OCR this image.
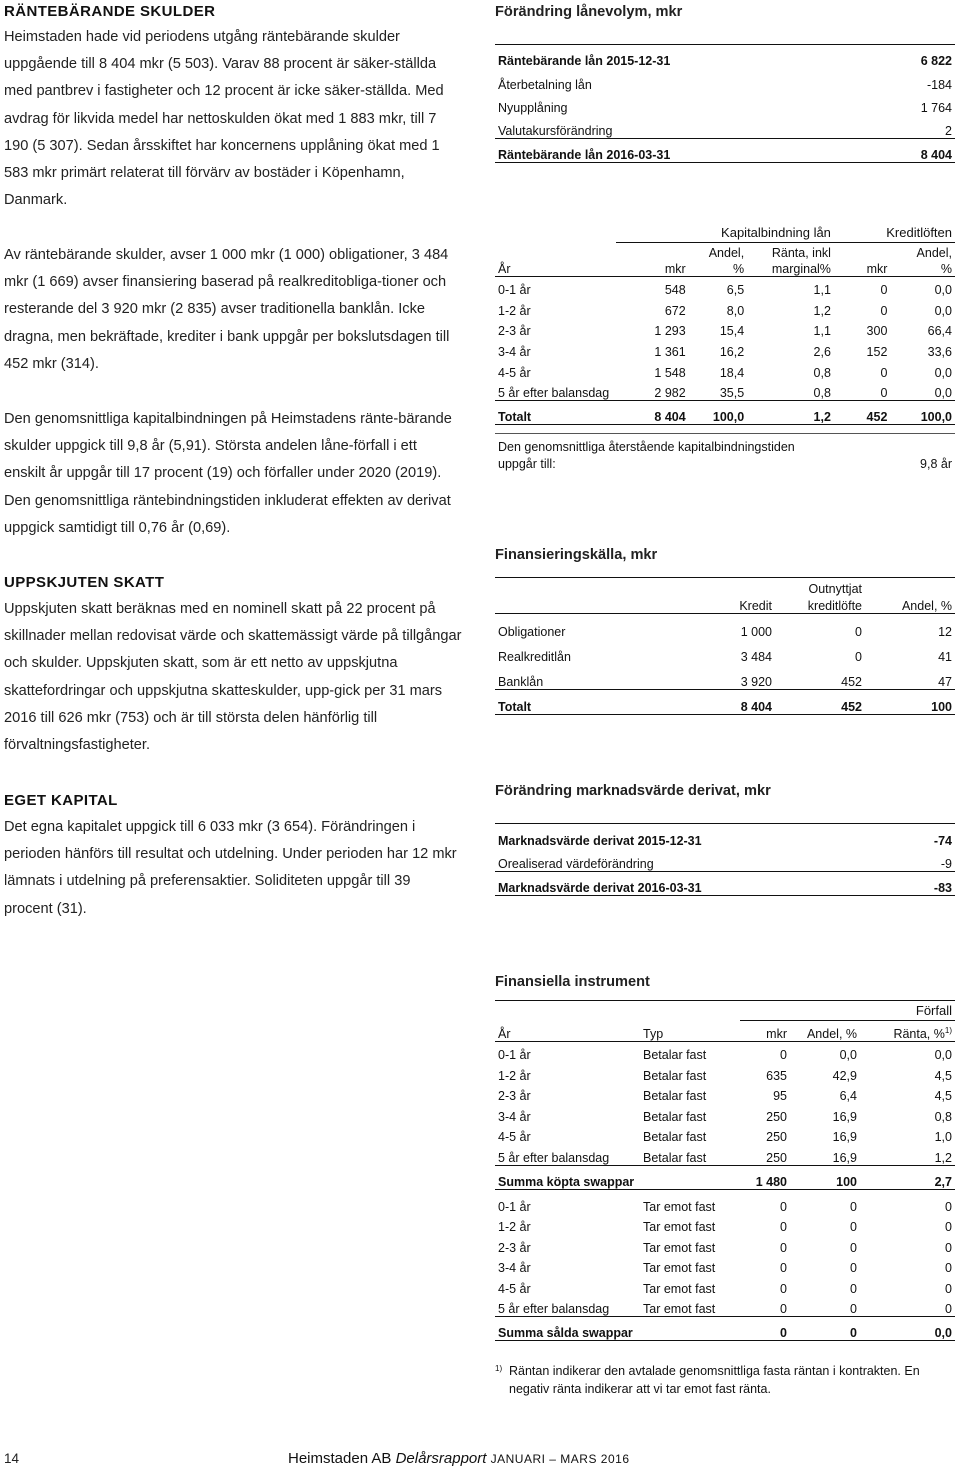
RÄNTEBÄRANDE SKULDER

Heimstaden hade vid periodens utgång räntebärande skulder uppgående till 8 404 mkr (5 503). Varav 88 procent är säker-ställda med pantbrev i fastigheter och 12 procent är icke säker-ställda. Med avdrag för likvida medel har nettoskulden ökat med 1 883 mkr, till 7 190 (5 307). Sedan årsskiftet har koncernens upplåning ökat med 1 583 mkr primärt relaterat till förvärv av bostäder i Köpenhamn, Danmark.

Av räntebärande skulder, avser 1 000 mkr (1 000) obligationer, 3 484 mkr (1 669) avser finansiering baserad på realkreditobliga-tioner och resterande del 3 920 mkr (2 835) avser traditionella banklån. Icke dragna, men bekräftade, krediter i bank uppgår per bokslutsdagen till 452 mkr (314).

Den genomsnittliga kapitalbindningen på Heimstadens ränte-bärande skulder uppgick till 9,8 år (5,91). Största andelen låne-förfall i ett enskilt år uppgår till 17 procent (19) och förfaller under 2020 (2019). Den genomsnittliga räntebindningstiden inkluderat effekten av derivat uppgick samtidigt till 0,76 år (0,69).

UPPSKJUTEN SKATT

Uppskjuten skatt beräknas med en nominell skatt på 22 procent på skillnader mellan redovisat värde och skattemässigt värde på tillgångar och skulder. Uppskjuten skatt, som är ett netto av uppskjutna skattefordringar och uppskjutna skatteskulder, upp-gick per 31 mars 2016 till 626 mkr (753) och är till största delen hänförlig till förvaltningsfastigheter.

EGET KAPITAL

Det egna kapitalet uppgick till 6 033 mkr (3 654). Förändringen i perioden hänförs till resultat och utdelning. Under perioden har 12 mkr lämnats i utdelning på preferensaktier. Soliditeten uppgår till 39 procent (31).

Förändring lånevolym, mkr
Räntebärande lån 2015-12-31	6 822
Återbetalning lån	-184
Nyupplåning	1 764
Valutakursförändring	2
Räntebärande lån 2016-03-31	8 404
	Kapitalbindning lån			Kreditlöften	
		Andel,	Ränta, inkl		Andel,
År	mkr	%	marginal%	mkr	%
0-1 år	548	6,5	1,1	0	0,0
1-2 år	672	8,0	1,2	0	0,0
2-3 år	1 293	15,4	1,1	300	66,4
3-4 år	1 361	16,2	2,6	152	33,6
4-5 år	1 548	18,4	0,8	0	0,0
5 år efter balansdag	2 982	35,5	0,8	0	0,0
Totalt	8 404	100,0	1,2	452	100,0
Den genomsnittliga återstående kapitalbindningstiden
uppgår till:	9,8 år
Finansieringskälla, mkr
		Outnyttjat	
	Kredit	kreditlöfte	Andel, %
Obligationer	1 000	0	12
Realkreditlån	3 484	0	41
Banklån	3 920	452	47
Totalt	8 404	452	100
Förändring marknadsvärde derivat, mkr
Marknadsvärde derivat 2015-12-31	-74
Orealiserad värdeförändring	-9
Marknadsvärde derivat 2016-03-31	-83
Finansiella instrument
		Förfall		
År	Typ	mkr	Andel, %	Ränta, %$^{1)}$
0-1 år	Betalar fast	0	0,0	0,0
1-2 år	Betalar fast	635	42,9	4,5
2-3 år	Betalar fast	95	6,4	4,5
3-4 år	Betalar fast	250	16,9	0,8
4-5 år	Betalar fast	250	16,9	1,0
5 år efter balansdag	Betalar fast	250	16,9	1,2
Summa köpta swappar		1 480	100	2,7

0-1 år	Tar emot fast	0	0	0
1-2 år	Tar emot fast	0	0	0
2-3 år	Tar emot fast	0	0	0
3-4 år	Tar emot fast	0	0	0
4-5 år	Tar emot fast	0	0	0
5 år efter balansdag	Tar emot fast	0	0	0
Summa sålda swappar		0	0	0,0
1) Räntan indikerar den avtalade genomsnittliga fasta räntan i kontrakten. En negativ ränta indikerar att vi tar emot fast ränta.
14	Heimstaden AB Delårsrapport JANUARI – MARS 2016
